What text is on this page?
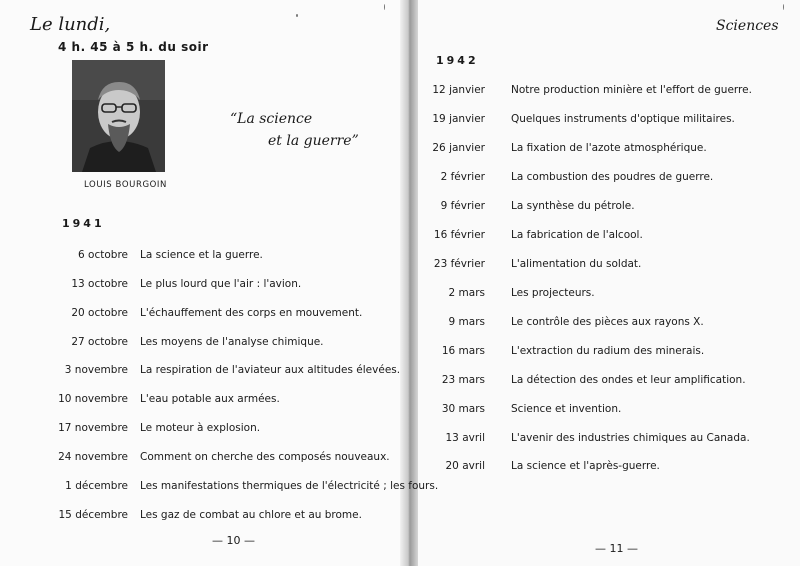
Le lundi,
4 h. 45 à 5 h. du soir
LOUIS BOURGOIN
“La science
et la guerre”
1941
6 octobre La science et la guerre.
13 octobre Le plus lourd que l'air : l'avion.
20 octobre L'échauffement des corps en mouvement.
27 octobre Les moyens de l'analyse chimique.
3 novembre La respiration de l'aviateur aux altitudes élevées.
10 novembre L'eau potable aux armées.
17 novembre Le moteur à explosion.
24 novembre Comment on cherche des composés nouveaux.
1 décembre Les manifestations thermiques de l'électricité ; les fours.
15 décembre Les gaz de combat au chlore et au brome.
— 10 —
Sciences
1942
12 janvier Notre production minière et l'effort de guerre.
19 janvier Quelques instruments d'optique militaires.
26 janvier La fixation de l'azote atmosphérique.
2 février La combustion des poudres de guerre.
9 février La synthèse du pétrole.
16 février La fabrication de l'alcool.
23 février L'alimentation du soldat.
2 mars Les projecteurs.
9 mars Le contrôle des pièces aux rayons X.
16 mars L'extraction du radium des minerais.
23 mars La détection des ondes et leur amplification.
30 mars Science et invention.
13 avril L'avenir des industries chimiques au Canada.
20 avril La science et l'après-guerre.
— 11 —
